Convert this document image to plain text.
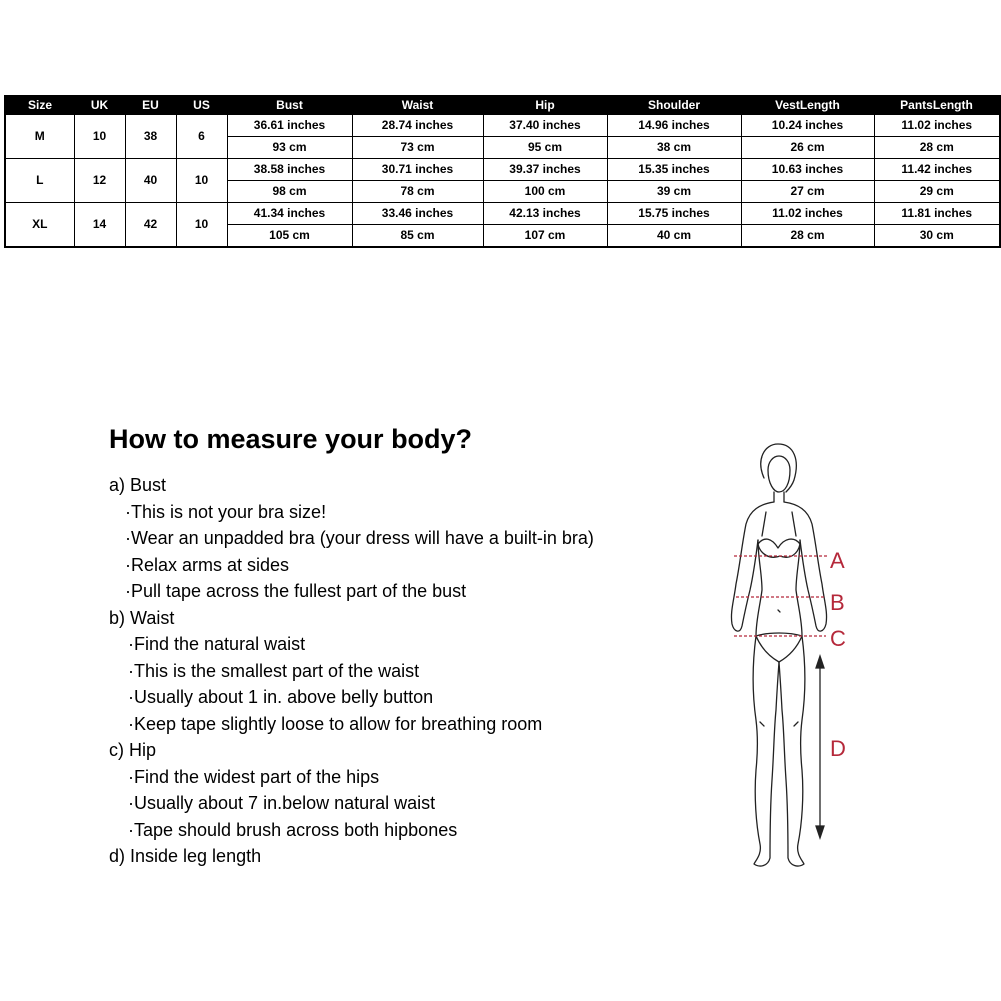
Size	UK	EU	US	Bust	Waist	Hip	Shoulder	VestLength	PantsLength
M	10	38	6	36.61 inches	28.74 inches	37.40 inches	14.96 inches	10.24 inches	11.02 inches
				93 cm	73 cm	95 cm	38 cm	26 cm	28 cm
L	12	40	10	38.58 inches	30.71 inches	39.37 inches	15.35 inches	10.63 inches	11.42 inches
				98 cm	78 cm	100 cm	39 cm	27 cm	29 cm
XL	14	42	10	41.34 inches	33.46 inches	42.13 inches	15.75 inches	11.02 inches	11.81 inches
				105 cm	85 cm	107 cm	40 cm	28 cm	30 cm
How to measure your body?
a) Bust
·This is not your bra size!
·Wear an unpadded bra (your dress will have a built-in bra)
·Relax arms at sides
·Pull tape across the fullest part of the bust
b) Waist
·Find the natural waist
·This is the smallest part of the waist
·Usually about 1 in. above belly button
·Keep tape slightly loose to allow for breathing room
c) Hip
·Find the widest part of the hips
·Usually about 7 in.below natural waist
·Tape should brush across both hipbones
d) Inside leg length
A
B
C
D
